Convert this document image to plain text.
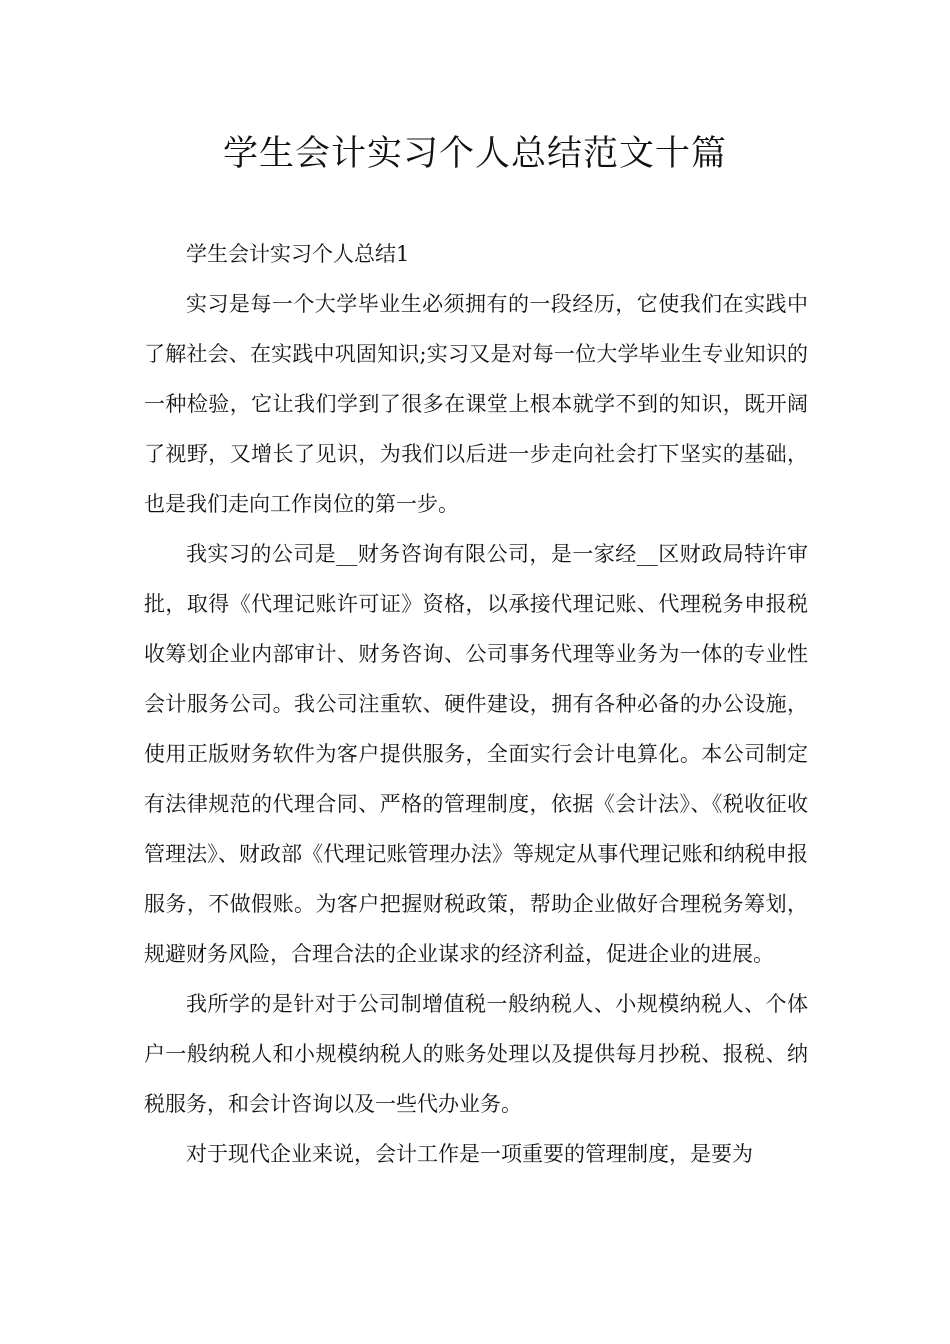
学生会计实习个人总结范文十篇

学生会计实习个人总结1

实习是每一个大学毕业生必须拥有的一段经历，它使我们在实践中了解社会、在实践中巩固知识;实习又是对每一位大学毕业生专业知识的一种检验，它让我们学到了很多在课堂上根本就学不到的知识，既开阔了视野，又增长了见识，为我们以后进一步走向社会打下坚实的基础，也是我们走向工作岗位的第一步。

我实习的公司是__财务咨询有限公司，是一家经__区财政局特许审批，取得《代理记账许可证》资格，以承接代理记账、代理税务申报税收筹划企业内部审计、财务咨询、公司事务代理等业务为一体的专业性会计服务公司。我公司注重软、硬件建设，拥有各种必备的办公设施，使用正版财务软件为客户提供服务，全面实行会计电算化。本公司制定有法律规范的代理合同、严格的管理制度，依据《会计法》、《税收征收管理法》、财政部《代理记账管理办法》等规定从事代理记账和纳税申报服务，不做假账。为客户把握财税政策，帮助企业做好合理税务筹划，规避财务风险，合理合法的企业谋求的经济利益，促进企业的进展。

我所学的是针对于公司制增值税一般纳税人、小规模纳税人、个体户一般纳税人和小规模纳税人的账务处理以及提供每月抄税、报税、纳税服务，和会计咨询以及一些代办业务。

对于现代企业来说，会计工作是一项重要的管理制度，是要为
